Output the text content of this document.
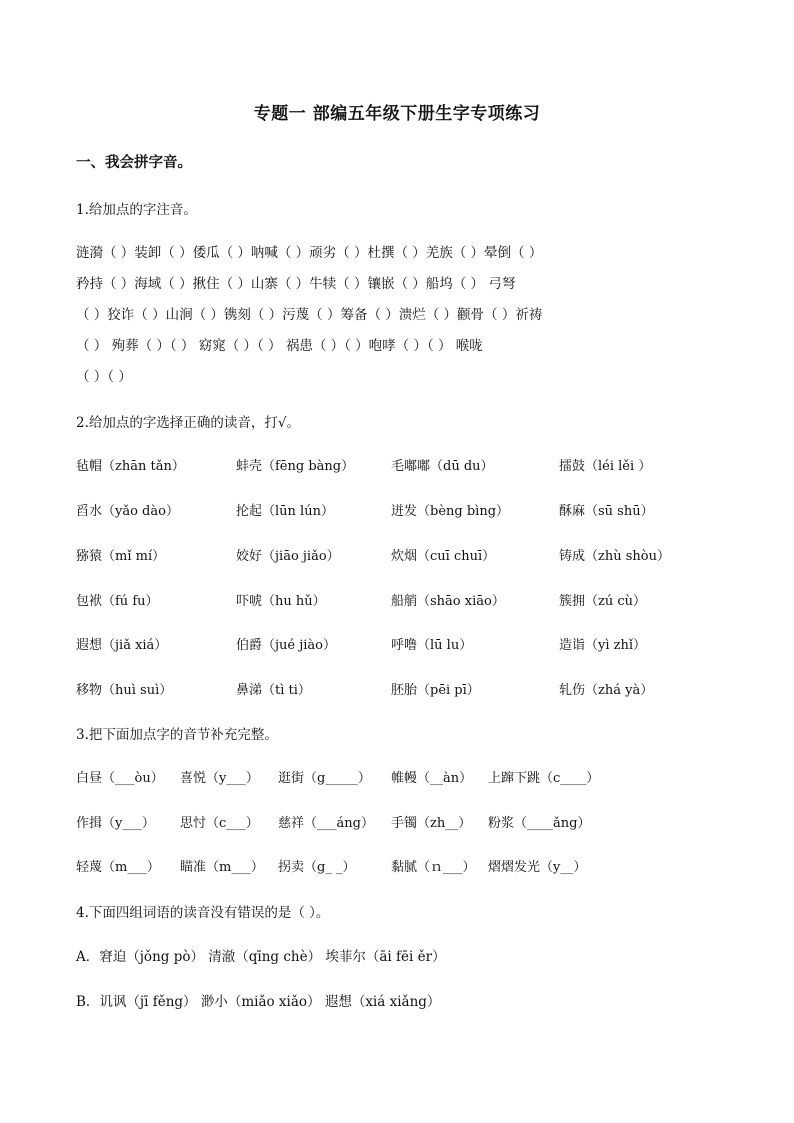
专题一 部编五年级下册生字专项练习
一、我会拼字音。
1.给加点的字注音。
涟漪（ ）装卸（ ）倭瓜（ ）呐喊（ ）顽劣（ ）杜撰（ ）羌族（ ）晕倒（ ）
矜持（ ）海域（ ）揪住（ ）山寨（ ）牛犊（ ）镶嵌（ ）船坞（ ） 弓弩
（ ）狡诈（ ）山涧（ ）镌刻（ ）污蔑（ ）筹备（ ）溃烂（ ）颧骨（ ）祈祷
（ ） 殉葬（ ）（ ） 窈窕（ ）（ ） 祸患（ ）（ ）咆哮（ ）（ ） 喉咙
（ ）（ ）
2.给加点的字选择正确的读音，打√。
毡帽（zhān tǎn）	蚌壳（fēng bàng）	毛嘟嘟（dū du）	擂鼓（léi lěi ）
舀水（yǎo dào）	抡起（lūn lún）	迸发（bèng bìng）	酥麻（sū shū）
猕猿（mǐ mí）	姣好（jiāo jiǎo）	炊烟（cuī chuī）	铸成（zhù shòu）
包袱（fú fu）	吓唬（hu hǔ）	船艄（shāo xiāo）	簇拥（zú cù）
遐想（jiǎ xiá）	伯爵（jué jiào）	呼噜（lū lu）	造诣（yì zhǐ）
移物（huì suì）	鼻涕（tì ti）	胚胎（pēi pī）	轧伤（zhá yà）
3.把下面加点字的音节补充完整。
白昼（___òu） 喜悦（y___） 逛街（g_____） 帷幔（__àn） 上蹿下跳（c____）
作揖（y___） 思忖（c___） 慈祥（___áng） 手镯（zh__） 粉浆（____ǎng）
轻蔑（m___） 瞄准（m___） 拐卖（g_ _）	黏腻（ｎ___） 熠熠发光（y__）
4.下面四组词语的读音没有错误的是（ ）。
A．窘迫（jǒng pò） 清澈（qīng chè） 埃菲尔（āi fēi ěr）
B．讥讽（jī fěng） 渺小（miǎo xiǎo） 遐想（xiá xiǎng）
